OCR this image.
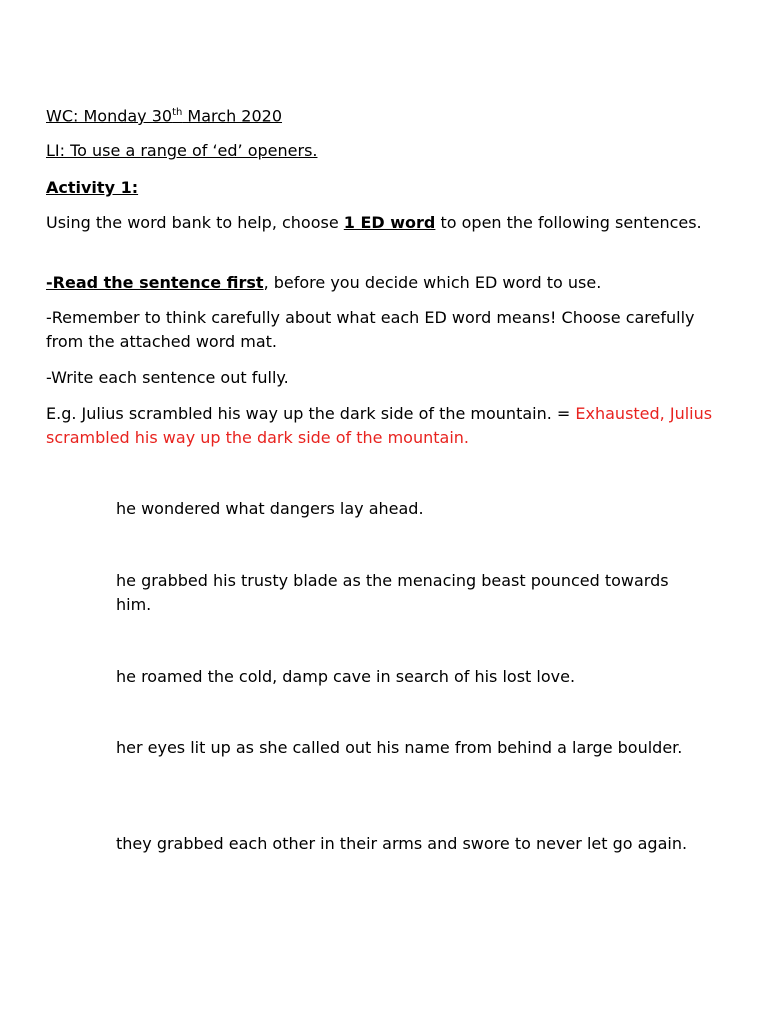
WC: Monday 30th March 2020
LI: To use a range of ‘ed’ openers.
Activity 1:
Using the word bank to help, choose 1 ED word to open the following sentences.
-Read the sentence first, before you decide which ED word to use.
-Remember to think carefully about what each ED word means! Choose carefully from the attached word mat.
-Write each sentence out fully.
E.g. Julius scrambled his way up the dark side of the mountain. = Exhausted, Julius scrambled his way up the dark side of the mountain.
he wondered what dangers lay ahead.
he grabbed his trusty blade as the menacing beast pounced towards him.
he roamed the cold, damp cave in search of his lost love.
her eyes lit up as she called out his name from behind a large boulder.
they grabbed each other in their arms and swore to never let go again.
